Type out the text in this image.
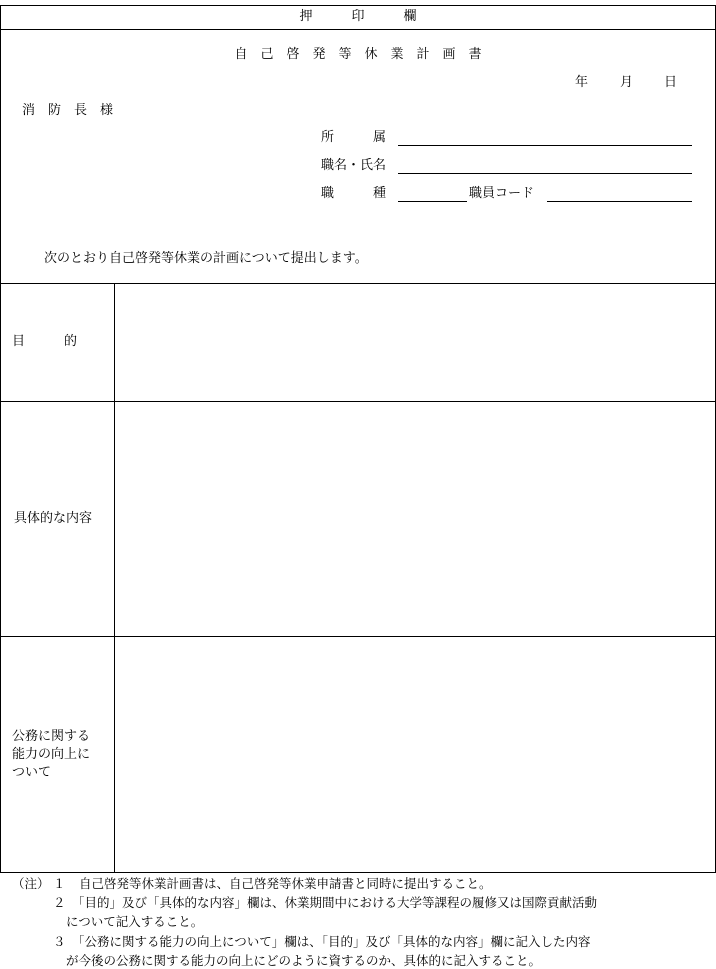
押　　　印　　　欄
自　己　啓　発　等　休　業　計　画　書
年 月 日
消　防　長　様
所　　　属
職名・氏名
職　　　種	職員コード
次のとおり自己啓発等休業の計画について提出します。
目　　　的
具体的な内容
公務に関する
能力の向上に
ついて
（注） １ 自己啓発等休業計画書は、自己啓発等休業申請書と同時に提出すること。
２ 「目的」及び「具体的な内容」欄は、休業期間中における大学等課程の履修又は国際貢献活動
について記入すること。
３ 「公務に関する能力の向上について」欄は、「目的」及び「具体的な内容」欄に記入した内容
が今後の公務に関する能力の向上にどのように資するのか、具体的に記入すること。
